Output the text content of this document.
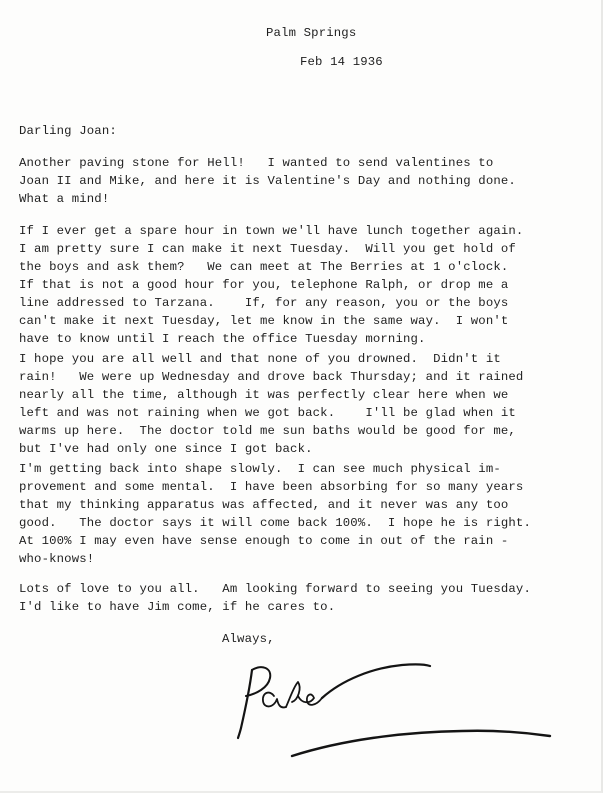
Palm Springs
Feb 14 1936
Darling Joan:
Another paving stone for Hell!   I wanted to send valentines to
Joan II and Mike, and here it is Valentine's Day and nothing done.
What a mind!
If I ever get a spare hour in town we'll have lunch together again.
I am pretty sure I can make it next Tuesday.  Will you get hold of
the boys and ask them?   We can meet at The Berries at 1 o'clock.
If that is not a good hour for you, telephone Ralph, or drop me a
line addressed to Tarzana.    If, for any reason, you or the boys
can't make it next Tuesday, let me know in the same way.  I won't
have to know until I reach the office Tuesday morning.
I hope you are all well and that none of you drowned.  Didn't it
rain!   We were up Wednesday and drove back Thursday; and it rained
nearly all the time, although it was perfectly clear here when we
left and was not raining when we got back.    I'll be glad when it
warms up here.  The doctor told me sun baths would be good for me,
but I've had only one since I got back.
I'm getting back into shape slowly.  I can see much physical im-
provement and some mental.  I have been absorbing for so many years
that my thinking apparatus was affected, and it never was any too
good.   The doctor says it will come back 100%.  I hope he is right.
At 100% I may even have sense enough to come in out of the rain -
who-knows!
Lots of love to you all.   Am looking forward to seeing you Tuesday.
I'd like to have Jim come, if he cares to.
Always,
